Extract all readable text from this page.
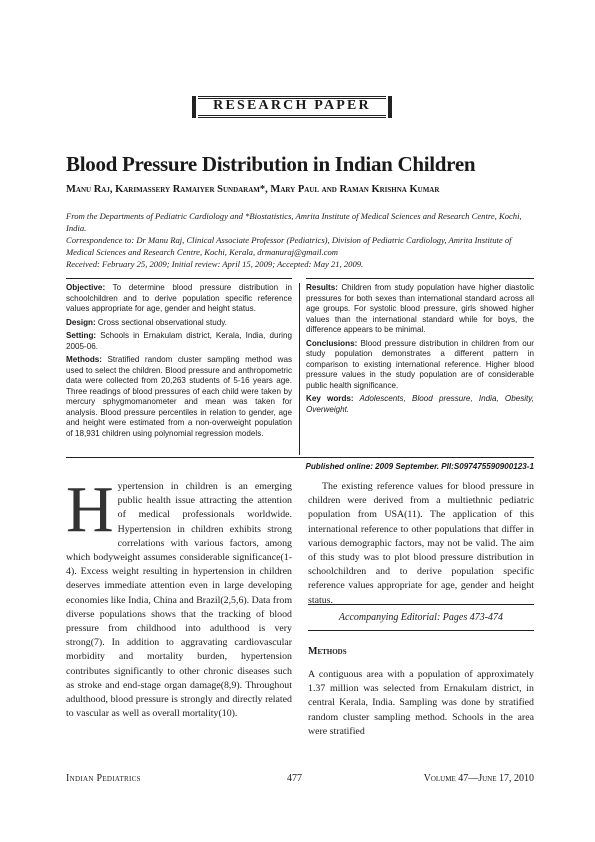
RESEARCH PAPER
Blood Pressure Distribution in Indian Children
Manu Raj, Karimassery Ramaiyer Sundaram*, Mary Paul and Raman Krishna Kumar

From the Departments of Pediatric Cardiology and *Biostatistics, Amrita Institute of Medical Sciences and Research Centre, Kochi, India.

Correspondence to: Dr Manu Raj, Clinical Associate Professor (Pediatrics), Division of Pediatric Cardiology, Amrita Institute of Medical Sciences and Research Centre, Kochi, Kerala, drmanuraj@gmail.com

Received: February 25, 2009; Initial review: April 15, 2009; Accepted: May 21, 2009.

Objective: To determine blood pressure distribution in schoolchildren and to derive population specific reference values appropriate for age, gender and height status.

Design: Cross sectional observational study.

Setting: Schools in Ernakulam district, Kerala, India, during 2005-06.

Methods: Stratified random cluster sampling method was used to select the children. Blood pressure and anthropometric data were collected from 20,263 students of 5-16 years age. Three readings of blood pressures of each child were taken by mercury sphygmomanometer and mean was taken for analysis. Blood pressure percentiles in relation to gender, age and height were estimated from a non-overweight population of 18,931 children using polynomial regression models.

Results: Children from study population have higher diastolic pressures for both sexes than international standard across all age groups. For systolic blood pressure, girls showed higher values than the international standard while for boys, the difference appears to be minimal.

Conclusions: Blood pressure distribution in children from our study population demonstrates a different pattern in comparison to existing international reference. Higher blood pressure values in the study population are of considerable public health significance.

Key words: Adolescents, Blood pressure, India, Obesity, Overweight.

Published online: 2009 September. PII:S097475590900123-1

Hypertension in children is an emerging public health issue attracting the attention of medical professionals worldwide. Hypertension in children exhibits strong correlations with various factors, among which bodyweight assumes considerable significance(1-4). Excess weight resulting in hypertension in children deserves immediate attention even in large developing economies like India, China and Brazil(2,5,6). Data from diverse populations shows that the tracking of blood pressure from childhood into adulthood is very strong(7). In addition to aggravating cardiovascular morbidity and mortality burden, hypertension contributes significantly to other chronic diseases such as stroke and end-stage organ damage(8,9). Throughout adulthood, blood pressure is strongly and directly related to vascular as well as overall mortality(10).

The existing reference values for blood pressure in children were derived from a multiethnic pediatric population from USA(11). The application of this international reference to other populations that differ in various demographic factors, may not be valid. The aim of this study was to plot blood pressure distribution in schoolchildren and to derive population specific reference values appropriate for age, gender and height status.

Accompanying Editorial: Pages 473-474
Methods
A contiguous area with a population of approximately 1.37 million was selected from Ernakulam district, in central Kerala, India. Sampling was done by stratified random cluster sampling method. Schools in the area were stratified
Indian Pediatrics	477	Volume 47—June 17, 2010
